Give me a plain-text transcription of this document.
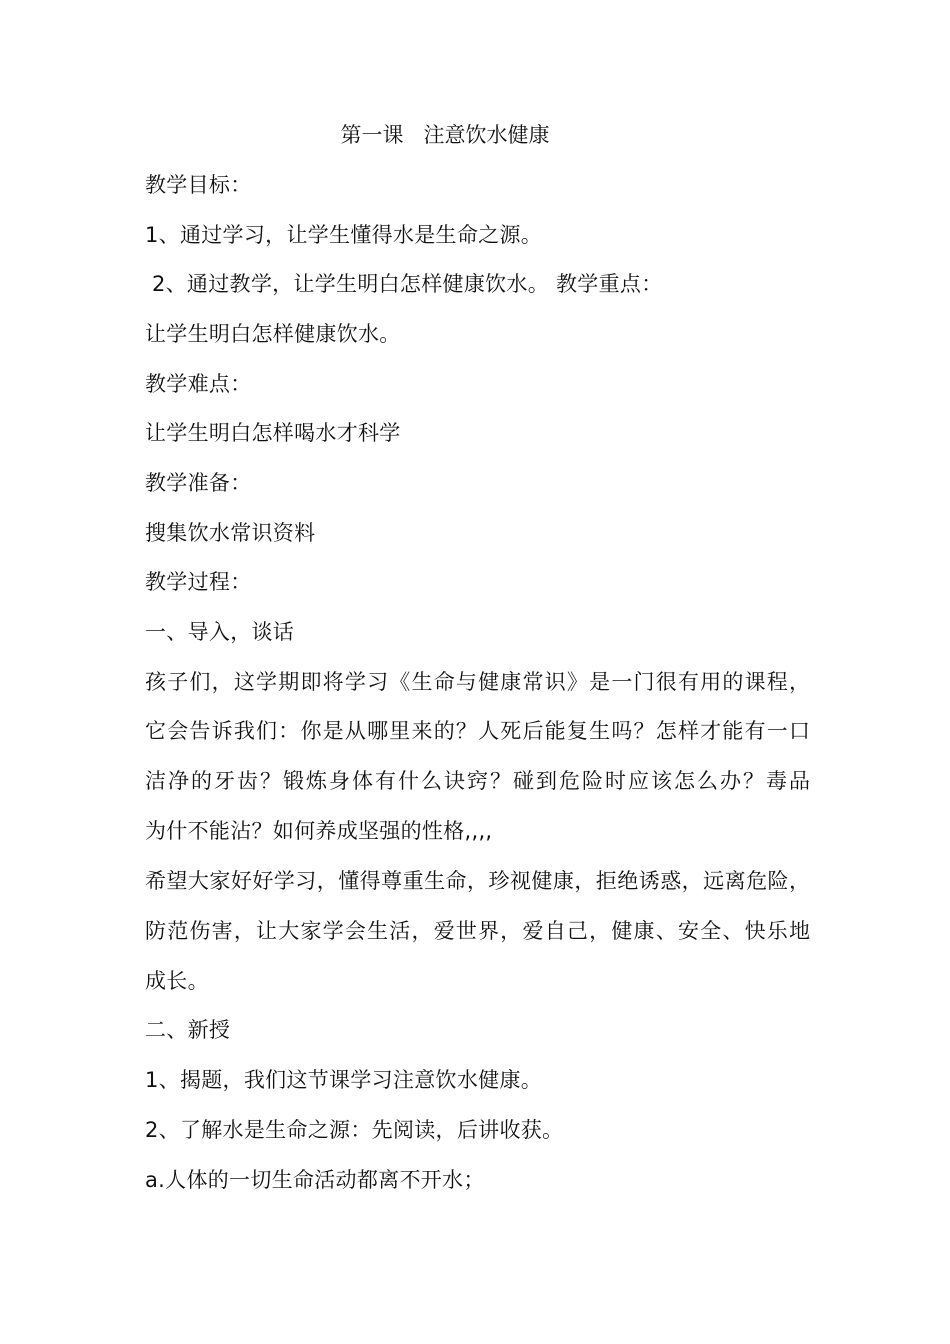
第一课   注意饮水健康
教学目标：
1、通过学习，让学生懂得水是生命之源。
2、通过教学，让学生明白怎样健康饮水。 教学重点：
让学生明白怎样健康饮水。
教学难点：
让学生明白怎样喝水才科学
教学准备：
搜集饮水常识资料
教学过程：
一、导入，谈话
孩子们，这学期即将学习《生命与健康常识》是一门很有用的课程，
它会告诉我们：你是从哪里来的？人死后能复生吗？怎样才能有一口
洁净的牙齿？锻炼身体有什么诀窍？碰到危险时应该怎么办？毒品
为什不能沾？如何养成坚强的性格,,,,
希望大家好好学习，懂得尊重生命，珍视健康，拒绝诱惑，远离危险，
防范伤害，让大家学会生活，爱世界，爱自己，健康、安全、快乐地
成长。
二、新授
1、揭题，我们这节课学习注意饮水健康。
2、了解水是生命之源：先阅读，后讲收获。
a.人体的一切生命活动都离不开水；
